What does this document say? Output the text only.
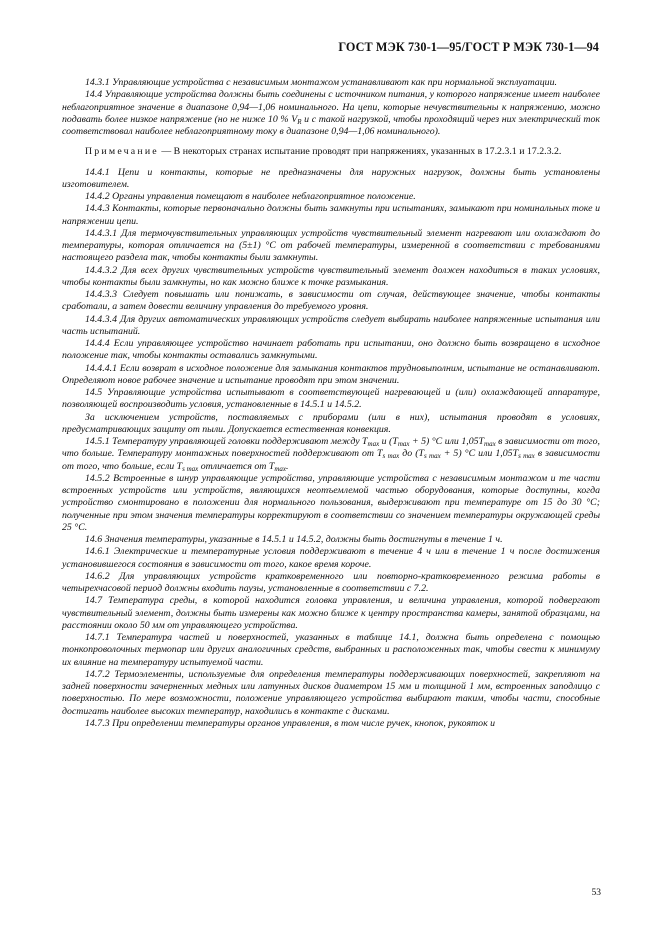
ГОСТ МЭК 730-1—95/ГОСТ Р МЭК 730-1—94

14.3.1 Управляющие устройства с независимым монтажом устанавливают как при нормальной эксплуатации.

14.4 Управляющие устройства должны быть соединены с источником питания, у которого напряжение имеет наиболее неблагоприятное значение в диапазоне 0,94—1,06 номинального. На цепи, которые нечувствительны к напряжению, можно подавать более низкое напряжение (но не ниже 10 % $V_R$ и с такой нагрузкой, чтобы проходящий через них электрический ток соответствовал наиболее неблагоприятному току в диапазоне 0,94—1,06 номинального).

Примечание — В некоторых странах испытание проводят при напряжениях, указанных в 17.2.3.1 и 17.2.3.2.

14.4.1 Цепи и контакты, которые не предназначены для наружных нагрузок, должны быть установлены изготовителем.

14.4.2 Органы управления помещают в наиболее неблагоприятное положение.

14.4.3 Контакты, которые первоначально должны быть замкнуты при испытаниях, замыкают при номинальных токе и напряжении цепи.

14.4.3.1 Для термочувствительных управляющих устройств чувствительный элемент нагревают или охлаждают до температуры, которая отличается на (5±1) °С от рабочей температуры, измеренной в соответствии с требованиями настоящего раздела так, чтобы контакты были замкнуты.

14.4.3.2 Для всех других чувствительных устройств чувствительный элемент должен находиться в таких условиях, чтобы контакты были замкнуты, но как можно ближе к точке размыкания.

14.4.3.3 Следует повышать или понижать, в зависимости от случая, действующее значение, чтобы контакты сработали, а затем довести величину управления до требуемого уровня.

14.4.3.4 Для других автоматических управляющих устройств следует выбирать наиболее напряженные испытания или часть испытаний.

14.4.4 Если управляющее устройство начинает работать при испытании, оно должно быть возвращено в исходное положение так, чтобы контакты оставались замкнутыми.

14.4.4.1 Если возврат в исходное положение для замыкания контактов трудновыполним, испытание не останавливают. Определяют новое рабочее значение и испытание проводят при этом значении.

14.5 Управляющие устройства испытывают в соответствующей нагревающей и (или) охлаждающей аппаратуре, позволяющей воспроизводить условия, установленные в 14.5.1 и 14.5.2.

За исключением устройств, поставляемых с приборами (или в них), испытания проводят в условиях, предусматривающих защиту от пыли. Допускается естественная конвекция.

14.5.1 Температуру управляющей головки поддерживают между $T_{max}$ и $(T_{max} + 5)$ °С или $1,05T_{max}$ в зависимости от того, что больше. Температуру монтажных поверхностей поддерживают от $T_{s max}$ до $(T_{s max} + 5)$ °С или $1,05T_{s max}$ в зависимости от того, что больше, если $T_{s max}$ отличается от $T_{max}$.

14.5.2 Встроенные в шнур управляющие устройства, управляющие устройства с независимым монтажом и те части встроенных устройств или устройств, являющихся неотъемлемой частью оборудования, которые доступны, когда устройство смонтировано в положении для нормального пользования, выдерживают при температуре от 15 до 30 °С; полученные при этом значения температуры корректируют в соответствии со значением температуры окружающей среды 25 °С.

14.6 Значения температуры, указанные в 14.5.1 и 14.5.2, должны быть достигнуты в течение 1 ч.

14.6.1 Электрические и температурные условия поддерживают в течение 4 ч или в течение 1 ч после достижения установившегося состояния в зависимости от того, какое время короче.

14.6.2 Для управляющих устройств кратковременного или повторно-кратковременного режима работы в четырехчасовой период должны входить паузы, установленные в соответствии с 7.2.

14.7 Температура среды, в которой находится головка управления, и величина управления, которой подвергают чувствительный элемент, должны быть измерены как можно ближе к центру пространства камеры, занятой образцами, на расстоянии около 50 мм от управляющего устройства.

14.7.1 Температура частей и поверхностей, указанных в таблице 14.1, должна быть определена с помощью тонкопроволочных термопар или других аналогичных средств, выбранных и расположенных так, чтобы свести к минимуму их влияние на температуру испытуемой части.

14.7.2 Термоэлементы, используемые для определения температуры поддерживающих поверхностей, закрепляют на задней поверхности зачерненных медных или латунных дисков диаметром 15 мм и толщиной 1 мм, встроенных заподлицо с поверхностью. По мере возможности, положение управляющего устройства выбирают таким, чтобы части, способные достигать наиболее высоких температур, находились в контакте с дисками.

14.7.3 При определении температуры органов управления, в том числе ручек, кнопок, рукояток и

53
